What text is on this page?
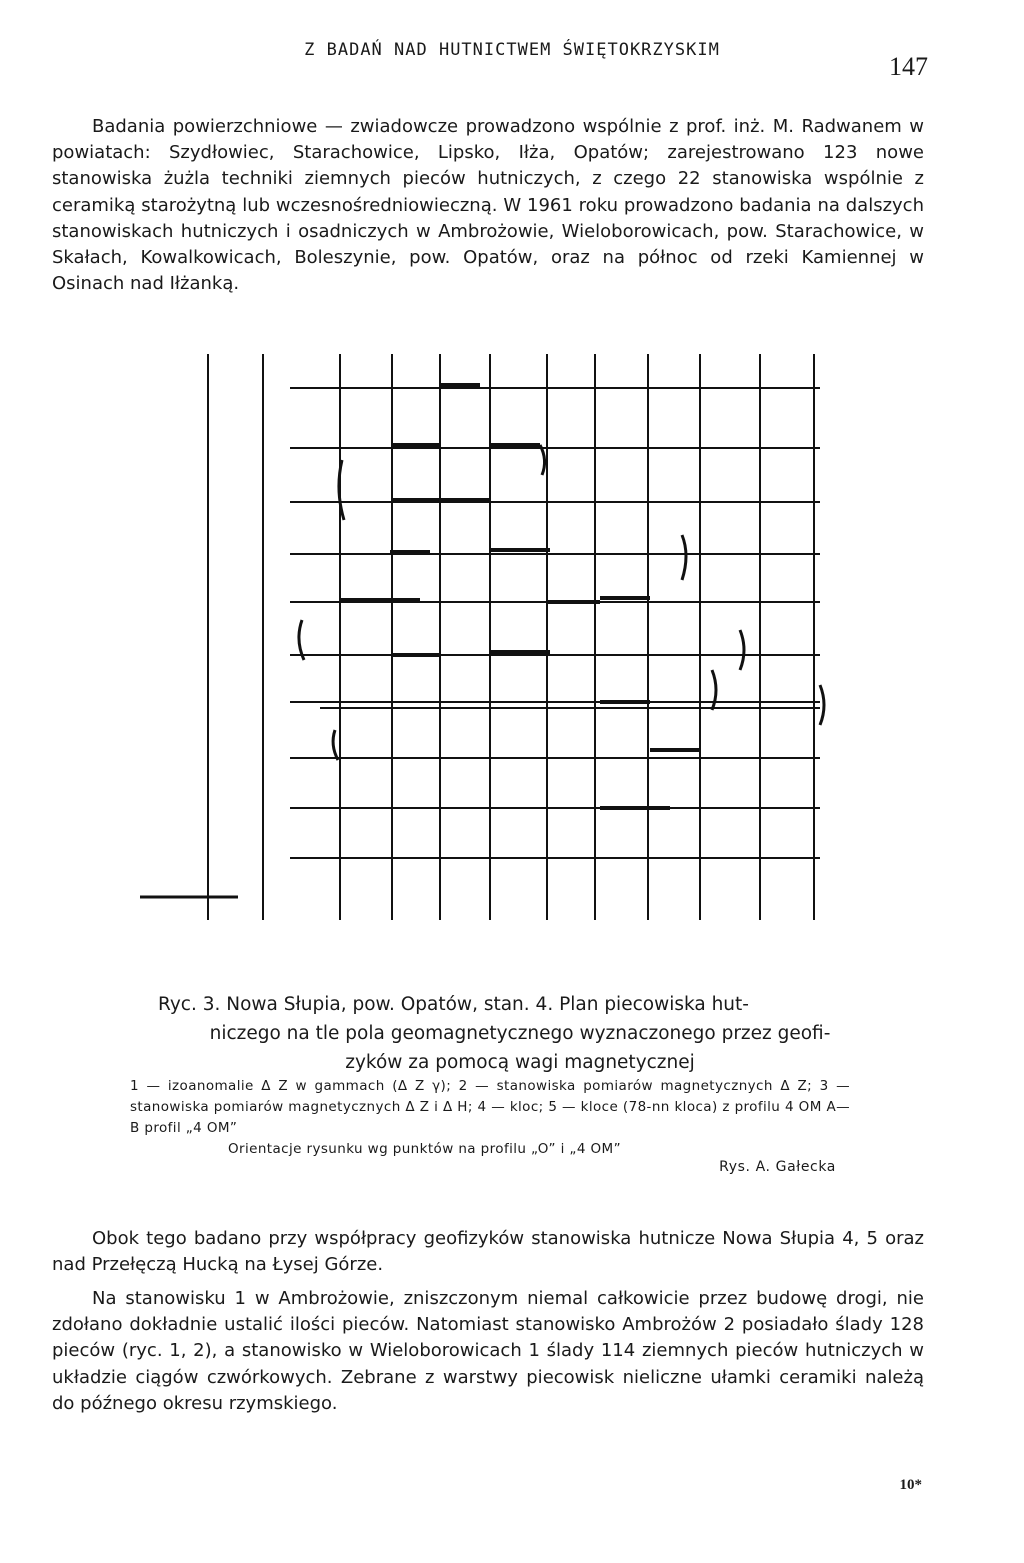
Z BADAŃ NAD HUTNICTWEM ŚWIĘTOKRZYSKIM
147
Badania powierzchniowe — zwiadowcze prowadzono wspólnie z prof. inż. M. Radwanem w powiatach: Szydłowiec, Starachowice, Lipsko, Iłża, Opatów; zarejestrowano 123 nowe stanowiska żużla techniki ziemnych pieców hutniczych, z czego 22 stanowiska wspólnie z ceramiką starożytną lub wczesnośredniowieczną. W 1961 roku prowadzono badania na dalszych stanowiskach hutniczych i osadniczych w Ambrożowie, Wieloborowicach, pow. Starachowice, w Skałach, Kowalkowicach, Boleszynie, pow. Opatów, oraz na północ od rzeki Kamiennej w Osinach nad Iłżanką.
Ryc. 3. Nowa Słupia, pow. Opatów, stan. 4. Plan piecowiska hut-
niczego na tle pola geomagnetycznego wyznaczonego przez geofi-
zyków za pomocą wagi magnetycznej
1 — izoanomalie Δ Z w gammach (Δ Z γ); 2 — stanowiska pomiarów magnetycznych Δ Z; 3 — stanowiska pomiarów magnetycznych Δ Z i Δ H; 4 — kloc; 5 — kloce (78-nn kloca) z profilu 4 OM A—B profil „4 OM”
Orientacje rysunku wg punktów na profilu „O” i „4 OM”
Rys. A. Gałecka
Obok tego badano przy współpracy geofizyków stanowiska hutnicze Nowa Słupia 4, 5 oraz nad Przełęczą Hucką na Łysej Górze.
Na stanowisku 1 w Ambrożowie, zniszczonym niemal całkowicie przez budowę drogi, nie zdołano dokładnie ustalić ilości pieców. Natomiast stanowisko Ambrożów 2 posiadało ślady 128 pieców (ryc. 1, 2), a stanowisko w Wieloborowicach 1 ślady 114 ziemnych pieców hutniczych w układzie ciągów czwórkowych. Zebrane z warstwy piecowisk nieliczne ułamki ceramiki należą do późnego okresu rzymskiego.
10*
